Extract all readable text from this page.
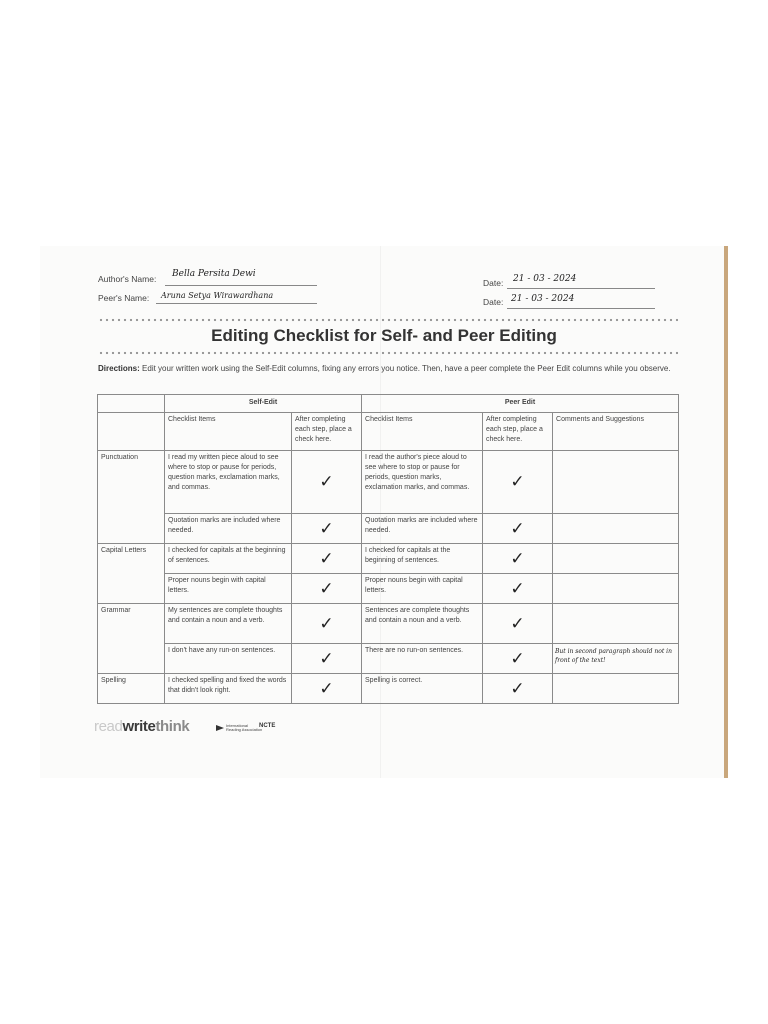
Author's Name: Bella Persita Dewi
Peer's Name: Aruna Setya Wirawardhana
Date: 21 - 03 - 2024
Date: 21 - 03 - 2024
Editing Checklist for Self- and Peer Editing
Directions: Edit your written work using the Self-Edit columns, fixing any errors you notice. Then, have a peer complete the Peer Edit columns while you observe.
	Self-Edit		Peer Edit		
	Checklist Items	After completing each step, place a check here.	Checklist Items	After completing each step, place a check here.	Comments and Suggestions
Punctuation	I read my written piece aloud to see where to stop or pause for periods, question marks, exclamation marks, and commas.	✓	I read the author's piece aloud to see where to stop or pause for periods, question marks, exclamation marks, and commas.	✓	
	Quotation marks are included where needed.	✓	Quotation marks are included where needed.	✓	
Capital Letters	I checked for capitals at the beginning of sentences.	✓	I checked for capitals at the beginning of sentences.	✓	
	Proper nouns begin with capital letters.	✓	Proper nouns begin with capital letters.	✓	
Grammar	My sentences are complete thoughts and contain a noun and a verb.	✓	Sentences are complete thoughts and contain a noun and a verb.	✓	
	I don't have any run-on sentences.	✓	There are no run-on sentences.	✓	But in second paragraph should not in front of the text!
Spelling	I checked spelling and fixed the words that didn't look right.	✓	Spelling is correct.	✓	
readwritethink	International
Reading Association
NCTE
